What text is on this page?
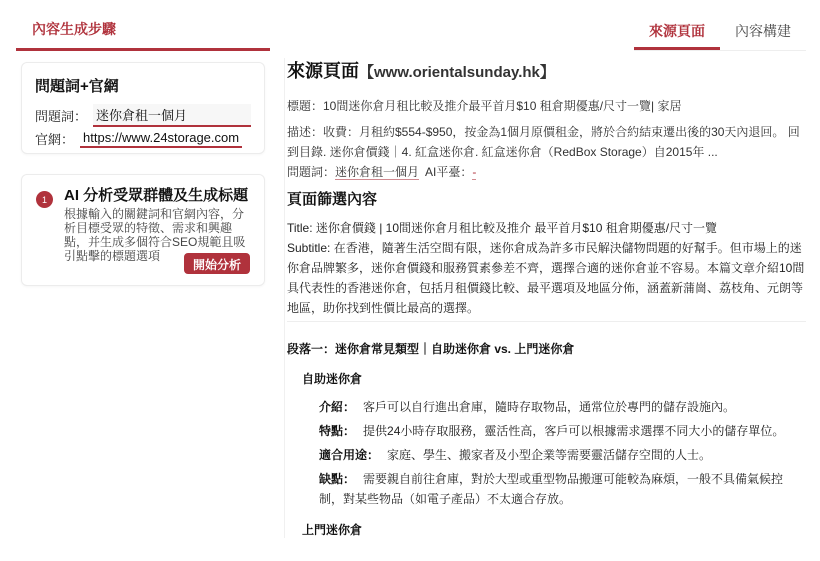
內容生成步驟
問題詞+官網
問題詞： 迷你倉租一個月
官網： https://www.24storage.com
1	AI 分析受眾群體及生成标題
根據輸入的關鍵詞和官網內容，分析目標受眾的特徵、需求和興趣點，并生成多個符合SEO規範且吸引點擊的標題選項
開始分析
來源頁面	內容構建
來源頁面【www.orientalsunday.hk】
標題：10間迷你倉月租比較及推介最平首月$10 租倉期優惠/尺寸一覽| 家居
描述：收費：月租約$554-$950，按金為1個月原價租金，將於合約結束遷出後的30天內退回。 回到目錄. 迷你倉價錢｜4. 紅盒迷你倉. 紅盒迷你倉（RedBox Storage）自2015年 ...
問題詞：迷你倉租一個月 AI平臺：-
頁面篩選內容
Title: 迷你倉價錢 | 10間迷你倉月租比較及推介 最平首月$10 租倉期優惠/尺寸一覽
Subtitle: 在香港，隨著生活空間有限，迷你倉成為許多市民解決儲物問題的好幫手。但市場上的迷你倉品牌繁多，迷你倉價錢和服務質素參差不齊，選擇合適的迷你倉並不容易。本篇文章介紹10間具代表性的香港迷你倉，包括月租價錢比較、最平選項及地區分佈，涵蓋新蒲崗、荔枝角、元朗等地區，助你找到性價比最高的選擇。
段落一：迷你倉常見類型｜自助迷你倉 vs. 上門迷你倉
自助迷你倉
介紹： 客戶可以自行進出倉庫，隨時存取物品，通常位於專門的儲存設施內。
特點： 提供24小時存取服務，靈活性高，客戶可以根據需求選擇不同大小的儲存單位。
適合用途： 家庭、學生、搬家者及小型企業等需要靈活儲存空間的人士。
缺點： 需要親自前往倉庫，對於大型或重型物品搬運可能較為麻煩，一般不具備氣候控制，對某些物品（如電子產品）不太適合存放。
上門迷你倉
